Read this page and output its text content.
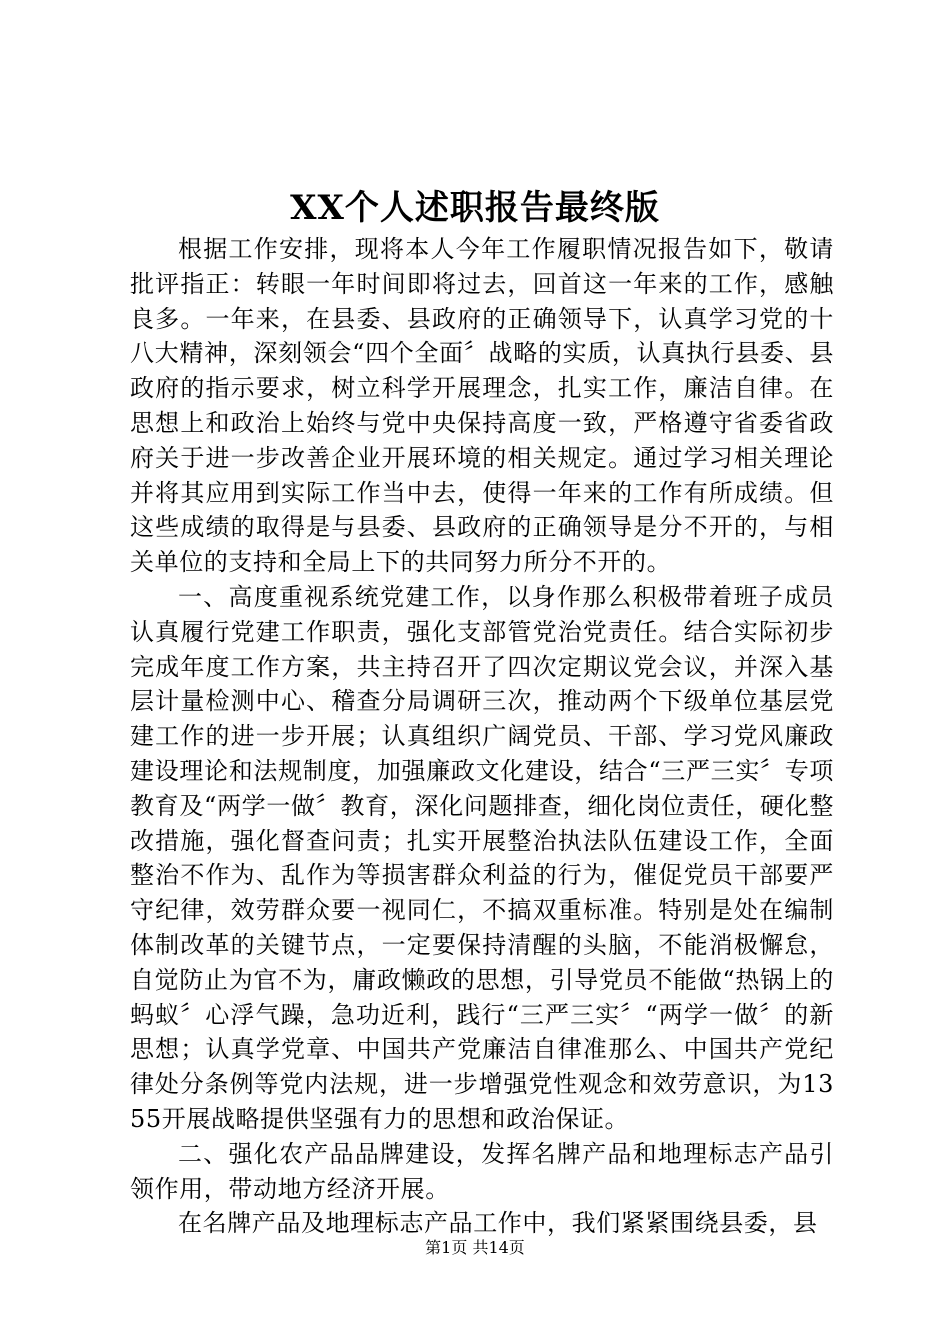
XX个人述职报告最终版

根据工作安排，现将本人今年工作履职情况报告如下，敬请批评指正：转眼一年时间即将过去，回首这一年来的工作，感触良多。一年来，在县委、县政府的正确领导下，认真学习党的十八大精神，深刻领会“四个全面〞战略的实质，认真执行县委、县政府的指示要求，树立科学开展理念，扎实工作，廉洁自律。在思想上和政治上始终与党中央保持高度一致，严格遵守省委省政府关于进一步改善企业开展环境的相关规定。通过学习相关理论并将其应用到实际工作当中去，使得一年来的工作有所成绩。但这些成绩的取得是与县委、县政府的正确领导是分不开的，与相关单位的支持和全局上下的共同努力所分不开的。

一、高度重视系统党建工作，以身作那么积极带着班子成员认真履行党建工作职责，强化支部管党治党责任。结合实际初步完成年度工作方案，共主持召开了四次定期议党会议，并深入基层计量检测中心、稽查分局调研三次，推动两个下级单位基层党建工作的进一步开展；认真组织广阔党员、干部、学习党风廉政建设理论和法规制度，加强廉政文化建设，结合“三严三实〞专项教育及“两学一做〞教育，深化问题排查，细化岗位责任，硬化整改措施，强化督查问责；扎实开展整治执法队伍建设工作，全面整治不作为、乱作为等损害群众利益的行为，催促党员干部要严守纪律，效劳群众要一视同仁，不搞双重标准。特别是处在编制体制改革的关键节点，一定要保持清醒的头脑，不能消极懈怠，自觉防止为官不为，庸政懒政的思想，引导党员不能做“热锅上的蚂蚁〞心浮气躁，急功近利，践行“三严三实〞“两学一做〞的新思想；认真学党章、中国共产党廉洁自律准那么、中国共产党纪律处分条例等党内法规，进一步增强党性观念和效劳意识，为1355开展战略提供坚强有力的思想和政治保证。

二、强化农产品品牌建设，发挥名牌产品和地理标志产品引领作用，带动地方经济开展。

在名牌产品及地理标志产品工作中，我们紧紧围绕县委，县

第1页 共14页
